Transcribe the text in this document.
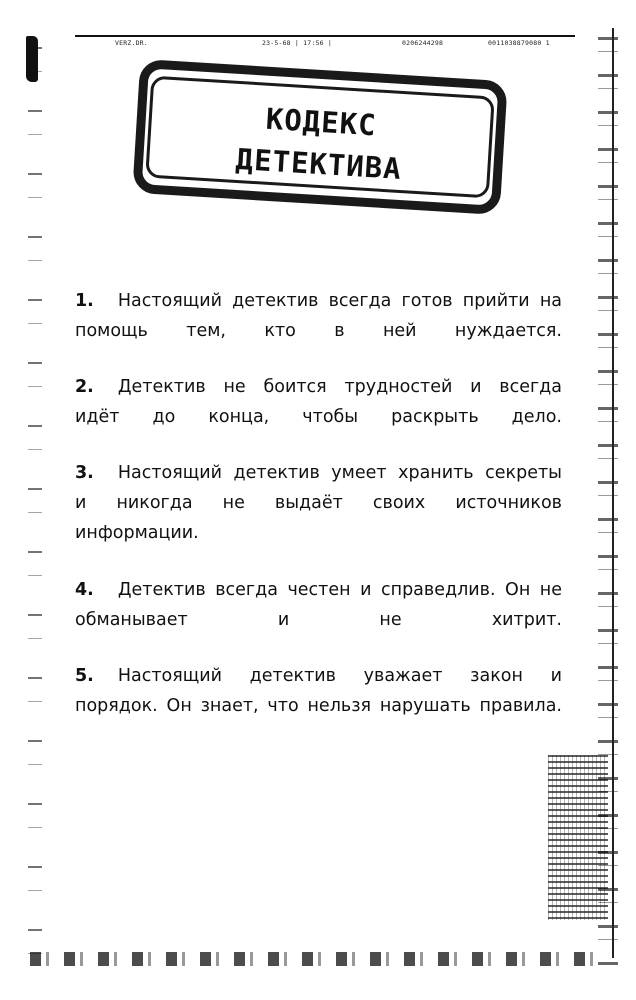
VERZ.DR.	23-5-68 | 17:56 |	0206244298	0011038879080 1
КОДЕКС
ДЕТЕКТИВА
1. Настоящий детектив всегда готов прийти на помощь тем, кто в ней нуждается.
2. Детектив не боится трудностей и всегда идёт до конца, чтобы раскрыть дело.
3. Настоящий детектив умеет хранить секреты и никогда не выдаёт своих источников информации.
4. Детектив всегда честен и справедлив. Он не обманывает и не хитрит.
5. Настоящий детектив уважает закон и порядок. Он знает, что нельзя нарушать правила.
